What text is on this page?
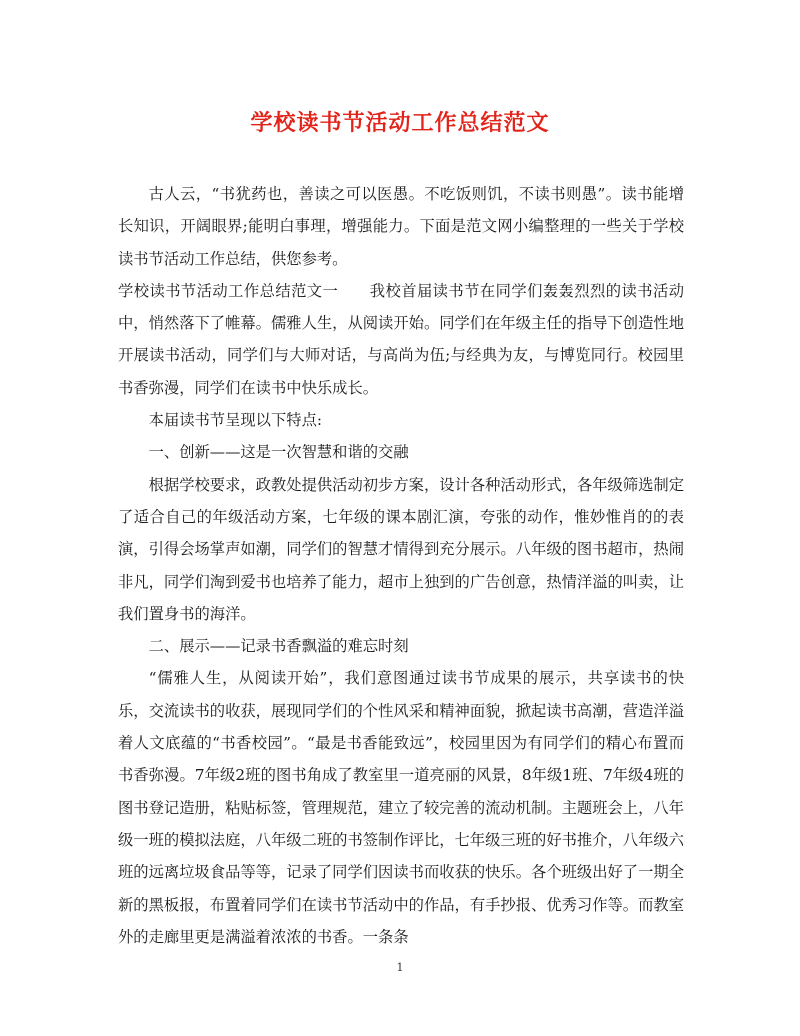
学校读书节活动工作总结范文

古人云，“书犹药也，善读之可以医愚。不吃饭则饥，不读书则愚”。读书能增长知识，开阔眼界;能明白事理，增强能力。下面是范文网小编整理的一些关于学校读书节活动工作总结，供您参考。

学校读书节活动工作总结范文一　　我校首届读书节在同学们轰轰烈烈的读书活动中，悄然落下了帷幕。儒雅人生，从阅读开始。同学们在年级主任的指导下创造性地开展读书活动，同学们与大师对话，与高尚为伍;与经典为友，与博览同行。校园里书香弥漫，同学们在读书中快乐成长。

本届读书节呈现以下特点:

一、创新——这是一次智慧和谐的交融

根据学校要求，政教处提供活动初步方案，设计各种活动形式，各年级筛选制定了适合自己的年级活动方案，七年级的课本剧汇演，夸张的动作，惟妙惟肖的的表演，引得会场掌声如潮，同学们的智慧才情得到充分展示。八年级的图书超市，热闹非凡，同学们淘到爱书也培养了能力，超市上独到的广告创意，热情洋溢的叫卖，让我们置身书的海洋。

二、展示——记录书香飘溢的难忘时刻

“儒雅人生，从阅读开始”，我们意图通过读书节成果的展示，共享读书的快乐，交流读书的收获，展现同学们的个性风采和精神面貌，掀起读书高潮，营造洋溢着人文底蕴的“书香校园”。“最是书香能致远”，校园里因为有同学们的精心布置而书香弥漫。7年级2班的图书角成了教室里一道亮丽的风景，8年级1班、7年级4班的图书登记造册，粘贴标签，管理规范，建立了较完善的流动机制。主题班会上，八年级一班的模拟法庭，八年级二班的书签制作评比，七年级三班的好书推介，八年级六班的远离垃圾食品等等，记录了同学们因读书而收获的快乐。各个班级出好了一期全新的黑板报，布置着同学们在读书节活动中的作品，有手抄报、优秀习作等。而教室外的走廊里更是满溢着浓浓的书香。一条条

1
